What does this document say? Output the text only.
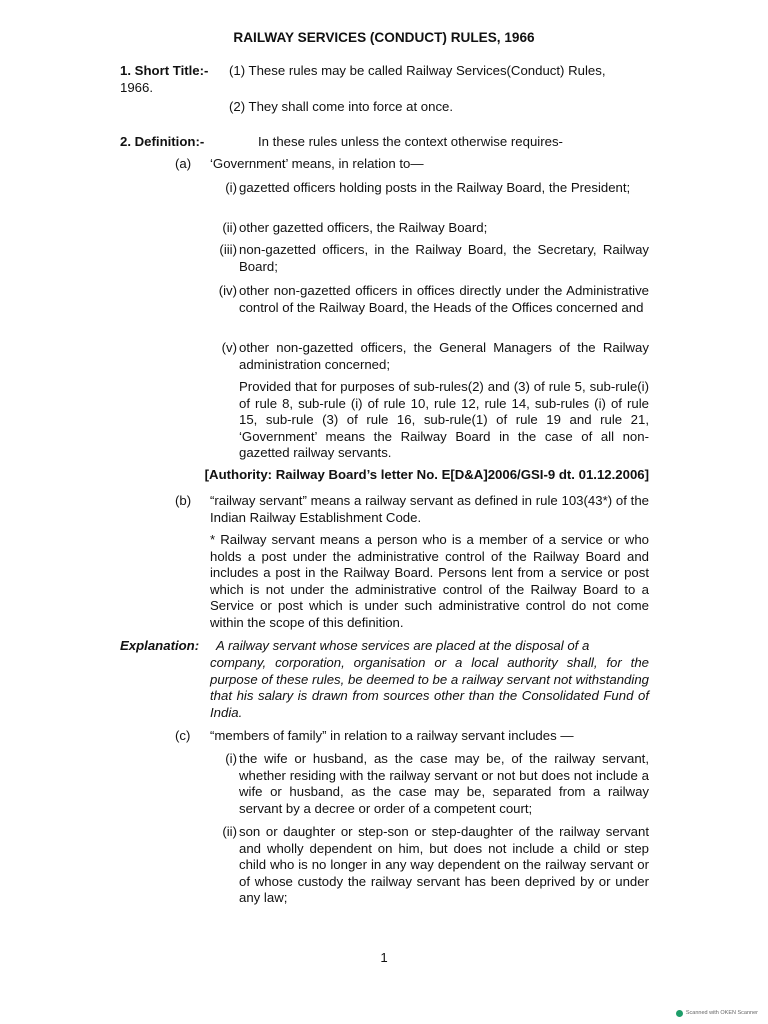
RAILWAY SERVICES (CONDUCT) RULES, 1966
1. Short Title:- (1) These rules may be called Railway Services(Conduct) Rules,
1966.
(2) They shall come into force at once.
2. Definition:-	In these rules unless the context otherwise requires-
(a) ‘Government’ means, in relation to—
(i) gazetted officers holding posts in the Railway Board, the President;
(ii) other gazetted officers, the Railway Board;
(iii) non-gazetted officers, in the Railway Board, the Secretary, Railway Board;
(iv) other non-gazetted officers in offices directly under the Administrative control of the Railway Board, the Heads of the Offices concerned and
(v) other non-gazetted officers, the General Managers of the Railway administration concerned;
Provided that for purposes of sub-rules(2) and (3) of rule 5, sub-rule(i) of rule 8, sub-rule (i) of rule 10, rule 12, rule 14, sub-rules (i) of rule 15, sub-rule (3) of rule 16, sub-rule(1) of rule 19 and rule 21, ‘Government’ means the Railway Board in the case of all non-gazetted railway servants.
[Authority: Railway Board’s letter No. E[D&A]2006/GSI-9 dt. 01.12.2006]
(b) “railway servant” means a railway servant as defined in rule 103(43*) of the Indian Railway Establishment Code.
* Railway servant means a person who is a member of a service or who holds a post under the administrative control of the Railway Board and includes a post in the Railway Board. Persons lent from a service or post which is not under the administrative control of the Railway Board to a Service or post which is under such administrative control do not come within the scope of this definition.
Explanation: A railway servant whose services are placed at the disposal of a
company, corporation, organisation or a local authority shall, for the purpose of these rules, be deemed to be a railway servant not withstanding that his salary is drawn from sources other than the Consolidated Fund of India.
(c) “members of family” in relation to a railway servant includes —
(i) the wife or husband, as the case may be, of the railway servant, whether residing with the railway servant or not but does not include a wife or husband, as the case may be, separated from a railway servant by a decree or order of a competent court;
(ii) son or daughter or step-son or step-daughter of the railway servant and wholly dependent on him, but does not include a child or step child who is no longer in any way dependent on the railway servant or of whose custody the railway servant has been deprived by or under any law;
1
Scanned with OKEN Scanner
